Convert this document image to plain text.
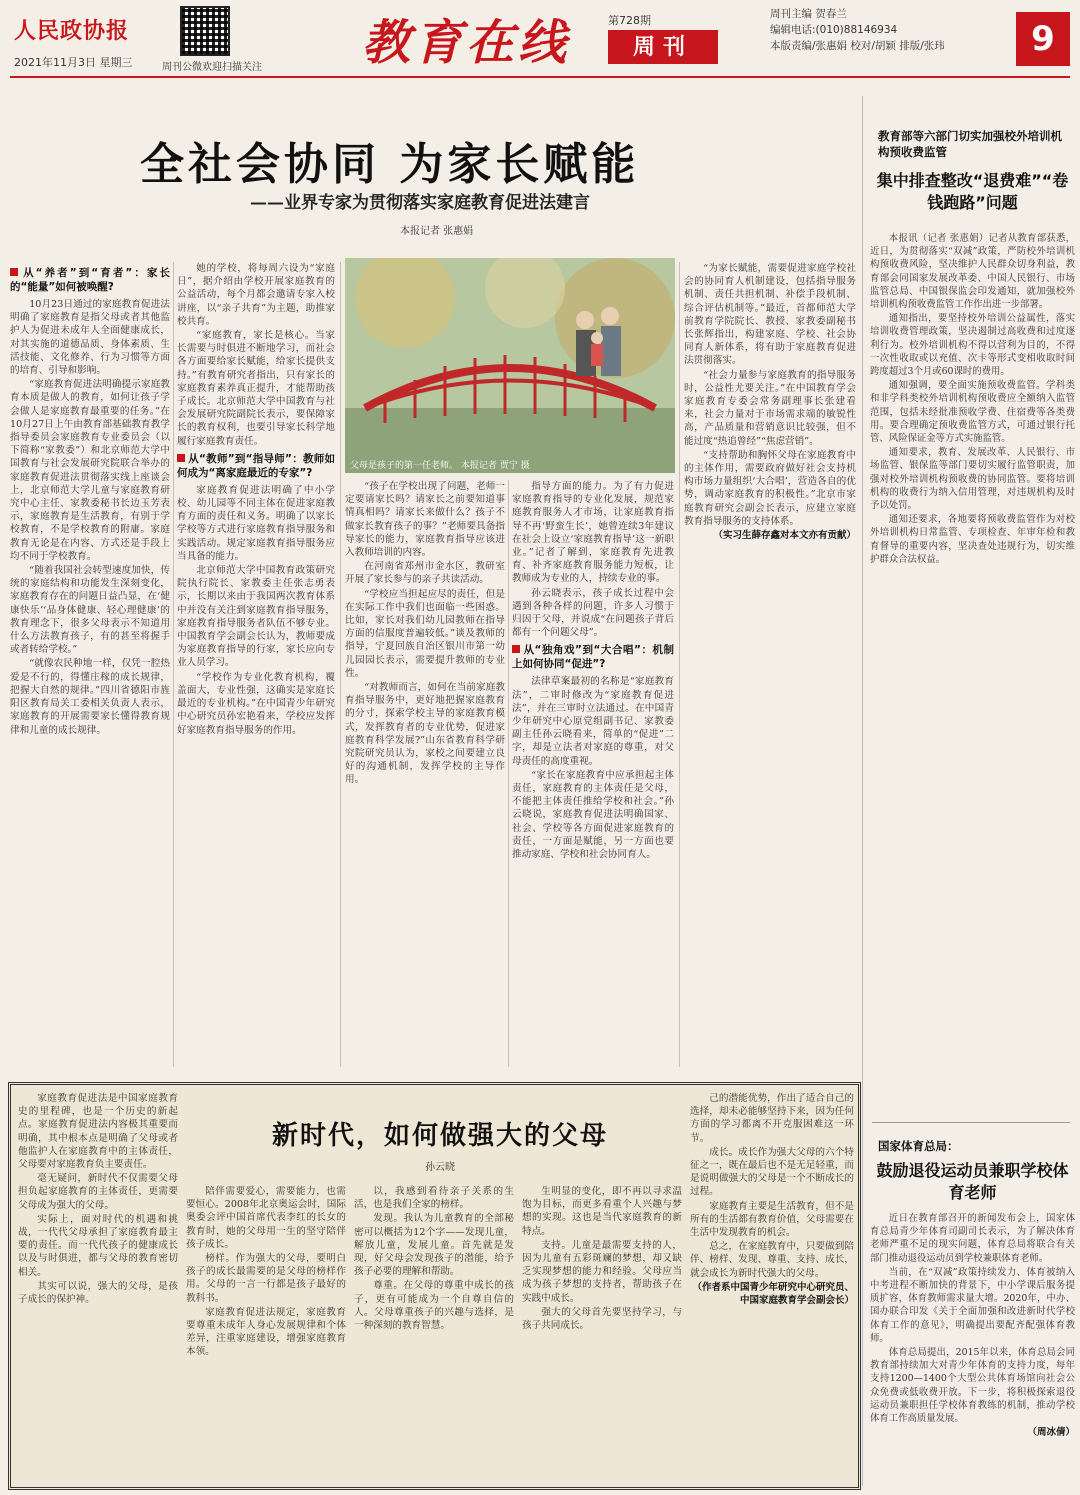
人民政协报
2021年11月3日 星期三	周刊公微欢迎扫描关注 教育在线	第728期
周刊
周刊主编 贺春兰
编辑电话:(010)88146934
本版责编/张惠娟 校对/胡颖 排版/张玮	9
全社会协同 为家长赋能
——业界专家为贯彻落实家庭教育促进法建言
本报记者 张惠娟
从“养者”到“育者”：家长的“能量”如何被唤醒?

10月23日通过的家庭教育促进法明确了家庭教育是指父母或者其他监护人为促进未成年人全面健康成长，对其实施的道德品质、身体素质、生活技能、文化修养、行为习惯等方面的培育、引导和影响。

“家庭教育促进法明确提示家庭教育本质是做人的教育，如何让孩子学会做人是家庭教育最重要的任务。”在10月27日上午由教育部基础教育教学指导委员会家庭教育专业委员会（以下简称“家教委”）和北京师范大学中国教育与社会发展研究院联合举办的家庭教育促进法贯彻落实线上座谈会上，北京师范大学儿童与家庭教育研究中心主任、家教委秘书长边玉芳表示，家庭教育是生活教育，有别于学校教育，不是学校教育的附庸。家庭教育无论是在内容、方式还是手段上均不同于学校教育。

“随着我国社会转型速度加快，传统的家庭结构和功能发生深刻变化，家庭教育存在的问题日益凸显，在‘健康快乐’‘品身体健康、轻心理健康’的教育理念下，很多父母表示不知道用什么方法教育孩子，有的甚至将握手或者转给学校。”

“就像农民种地一样，仅凭一腔热爱是不行的，得懂庄稼的成长规律，把握大自然的规律。”四川省德阳市旌阳区教育局关工委相关负责人表示，家庭教育的开展需要家长懂得教育规律和儿童的成长规律。

她的学校，将每周六设为“家庭日”，据介绍由学校开展家庭教育的公益活动，每个月都会邀请专家入校讲座，以“亲子共育”为主题，助推家校共育。

“家庭教育，家长是核心。当家长需要与时俱进不断地学习，而社会各方面要给家长赋能，给家长提供支持。”有教育研究者指出，只有家长的家庭教育素养真正提升，才能帮助孩子成长。北京师范大学中国教育与社会发展研究院副院长表示，要保障家长的教育权利，也要引导家长科学地履行家庭教育责任。

从“教师”到“指导师”：教师如何成为“离家庭最近的专家”?

家庭教育促进法明确了中小学校、幼儿园等不同主体在促进家庭教育方面的责任和义务。明确了以家长学校等方式进行家庭教育指导服务和实践活动。规定家庭教育指导服务应当具备的能力。

北京师范大学中国教育政策研究院执行院长、家教委主任张志勇表示，长期以来由于我国两次教育体系中并没有关注到家庭教育指导服务，家庭教育指导服务者队伍不够专业。中国教育学会副会长认为，教师要成为家庭教育指导的行家，家长应向专业人员学习。

“学校作为专业化教育机构，覆盖面大，专业性强，这确实是家庭长最近的专业机构。”在中国青少年研究中心研究员孙宏艳看来，学校应发挥好家庭教育指导服务的作用。

父母是孩子的第一任老师。 本报记者 贾宁 摄

“孩子在学校出现了问题，老师一定要请家长吗？请家长之前要知道事情真相吗？请家长来做什么？孩子不做家长教育孩子的事？”老师要具备指导家长的能力，家庭教育指导应该进入教师培训的内容。

在河南省郑州市金水区，教研室开展了家长参与的亲子共读活动。

“学校应当担起应尽的责任，但是在实际工作中我们也面临一些困惑。比如，家长对我们幼儿园教师在指导方面的信服度普遍较低。”谈及教师的指导，宁夏回族自治区银川市第一幼儿园园长表示，需要提升教师的专业性。

“对教师而言，如何在当前家庭教育指导服务中，更好地把握家庭教育的分寸，探索学校主导的家庭教育模式，发挥教育者的专业优势，促进家庭教育科学发展?”山东省教育科学研究院研究员认为，家校之间要建立良好的沟通机制，发挥学校的主导作用。

指导方面的能力。为了有力促进家庭教育指导的专业化发展，规范家庭教育服务人才市场，让家庭教育指导不再‘野蛮生长’，她曾连续3年建议在社会上设立‘家庭教育指导’这一新职业。”记者了解到，家庭教育先进教育、补齐家庭教育服务能力短板，让教师成为专业的人，持续专业的事。

孙云晓表示，孩子成长过程中会遇到各种各样的问题，许多人习惯于归因于父母，并说成“在问题孩子背后都有一个问题父母”。

从“独角戏”到“大合唱”：机制上如何协同“促进”?

法律草案最初的名称是“家庭教育法”，二审时修改为“家庭教育促进法”，并在三审时立法通过。在中国青少年研究中心原党组副书记、家教委副主任孙云晓看来，简单的“促进”二字，却是立法者对家庭的尊重，对父母责任的高度重视。

“家长在家庭教育中应承担起主体责任，家庭教育的主体责任是父母，不能把主体责任推给学校和社会。”孙云晓说，家庭教育促进法明确国家、社会、学校等各方面促进家庭教育的责任，一方面是赋能，另一方面也要推动家庭、学校和社会协同育人。

“为家长赋能，需要促进家庭学校社会的协同育人机制建设，包括指导服务机制、责任共担机制、补偿手段机制、综合评估机制等。”最近，首都师范大学前教育学院院长、教授、家教委副秘书长张辉指出，构建家庭、学校、社会协同育人新体系，将有助于家庭教育促进法贯彻落实。

“社会力量参与家庭教育的指导服务时，公益性尤要关注。”在中国教育学会家庭教育专委会常务副理事长张建看来，社会力量对于市场需求端的敏锐性高，产品质量和营销意识比较强，但不能过度“热追曾经”“焦虑营销”。

“支持帮助和胸怀父母在家庭教育中的主体作用，需要政府做好社会支持机构市场力量组织‘大合唱’，营造各自的优势，调动家庭教育的积极性。”北京市家庭教育研究会副会长表示，应建立家庭教育指导服务的支持体系。

（实习生薛存鑫对本文亦有贡献）
教育部等六部门切实加强校外培训机构预收费监管
集中排查整改“退费难”“卷钱跑路”问题

本报讯（记者 张惠娟）记者从教育部获悉，近日，为贯彻落实“双减”政策，严防校外培训机构预收费风险，坚决维护人民群众切身利益，教育部会同国家发展改革委、中国人民银行、市场监管总局、中国银保监会印发通知，就加强校外培训机构预收费监管工作作出进一步部署。

通知指出，要坚持校外培训公益属性，落实培训收费管理政策，坚决遏制过高收费和过度逐利行为。校外培训机构不得以营利为目的，不得一次性收取或以充值、次卡等形式变相收取时间跨度超过3个月或60课时的费用。

通知强调，要全面实施预收费监管。学科类和非学科类校外培训机构预收费应全额纳入监管范围，包括未经批准预收学费、住宿费等各类费用。要合理确定预收费监管方式，可通过银行托管、风险保证金等方式实施监管。

通知要求，教育、发展改革、人民银行、市场监管、银保监等部门要切实履行监管职责，加强对校外培训机构预收费的协同监管。要将培训机构的收费行为纳入信用管理，对违规机构及时予以处罚。

通知还要求，各地要将预收费监管作为对校外培训机构日常监管、专项检查、年审年检和教育督导的重要内容，坚决查处违规行为，切实维护群众合法权益。

国家体育总局：
鼓励退役运动员兼职学校体育老师

近日在教育部召开的新闻发布会上，国家体育总局青少年体育司副司长表示，为了解决体育老师严重不足的现实问题，体育总局将联合有关部门推动退役运动员到学校兼职体育老师。

当前，在“双减”政策持续发力、体育被纳入中考进程不断加快的背景下，中小学课后服务提质扩容，体育教师需求量大增。2020年，中办、国办联合印发《关于全面加强和改进新时代学校体育工作的意见》，明确提出要配齐配强体育教师。

体育总局提出，2015年以来，体育总局会同教育部持续加大对青少年体育的支持力度，每年支持1200—1400个大型公共体育场馆向社会公众免费或低收费开放。下一步，将积极探索退役运动员兼职担任学校体育教练的机制，推动学校体育工作高质量发展。

（周冰倩）
新时代，如何做强大的父母
孙云晓

家庭教育促进法是中国家庭教育史的里程碑，也是一个历史的新起点。家庭教育促进法内容极其重要而明确，其中根本点是明确了父母或者他监护人在家庭教育中的主体责任，父母要对家庭教育负主要责任。

毫无疑问，新时代不仅需要父母担负起家庭教育的主体责任，更需要父母成为强大的父母。

实际上，面对时代的机遇和挑战，一代代父母承担了家庭教育最主要的责任。而一代代孩子的健康成长以及与时俱进，都与父母的教育密切相关。

其实可以说，强大的父母，是孩子成长的保护神。

陪伴需要爱心，需要能力，也需要恒心。2008年北京奥运会时，国际奥委会评中国首席代表李红的长女的教育时，她的父母用一生的坚守陪伴孩子成长。

榜样。作为强大的父母，要明白孩子的成长最需要的是父母的榜样作用。父母的一言一行都是孩子最好的教科书。

家庭教育促进法规定，家庭教育要尊重未成年人身心发展规律和个体差异，注重家庭建设，增强家庭教育本领。

以，我感到看待亲子关系的生活，也是我们全家的榜样。

发现。我认为儿童教育的全部秘密可以概括为12个字——发现儿童，解放儿童，发展儿童。首先就是发现，好父母会发现孩子的潜能，给予孩子必要的理解和帮助。

尊重。在父母的尊重中成长的孩子，更有可能成为一个自尊自信的人。父母尊重孩子的兴趣与选择，是一种深刻的教育智慧。

生明显的变化，即不再以寻求温饱为目标，而更多看重个人兴趣与梦想的实现。这也是当代家庭教育的新特点。

支持。儿童是最需要支持的人，因为儿童有五彩斑斓的梦想，却又缺乏实现梦想的能力和经验。父母应当成为孩子梦想的支持者，帮助孩子在实践中成长。

强大的父母首先要坚持学习，与孩子共同成长。

己的潜能优势，作出了适合自己的选择，却未必能够坚持下来，因为任何方面的学习都离不开克服困难这一环节。

成长。成长作为强大父母的六个特征之一，既在最后也不是无足轻重，而是说明做强大的父母是一个不断成长的过程。

家庭教育主要是生活教育，但不是所有的生活都有教育价值，父母需要在生活中发现教育的机会。

总之，在家庭教育中，只要做到陪伴、榜样、发现、尊重、支持、成长，就会成长为新时代强大的父母。

（作者系中国青少年研究中心研究员、中国家庭教育学会副会长）
